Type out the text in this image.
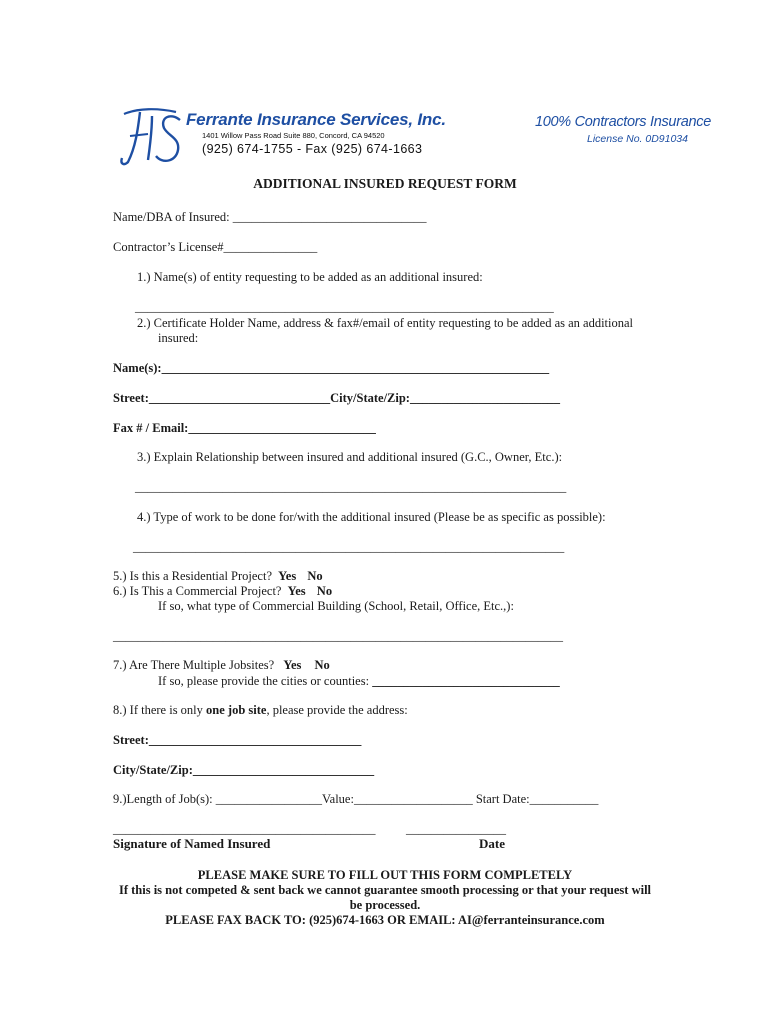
Ferrante Insurance Services, Inc.
1401 Willow Pass Road Suite 880, Concord, CA 94520
(925) 674-1755 - Fax (925) 674-1663
100% Contractors Insurance
License No. 0D91034
ADDITIONAL INSURED REQUEST FORM
Name/DBA of Insured: _______________________________
Contractor’s License#_______________
1.) Name(s) of entity requesting to be added as an additional insured:
___________________________________________________________________
2.) Certificate Holder Name, address & fax#/email of entity requesting to be added as an additional
insured:
Name(s):______________________________________________________________
Street:_____________________________City/State/Zip:________________________
Fax # / Email:______________________________
3.) Explain Relationship between insured and additional insured (G.C., Owner, Etc.):
_____________________________________________________________________
4.) Type of work to be done for/with the additional insured (Please be as specific as possible):
_____________________________________________________________________
5.) Is this a Residential Project? Yes No
6.) Is This a Commercial Project? Yes No
If so, what type of Commercial Building (School, Retail, Office, Etc.,):
________________________________________________________________________
7.) Are There Multiple Jobsites? Yes No
If so, please provide the cities or counties: ______________________________
8.) If there is only one job site, please provide the address:
Street:__________________________________
City/State/Zip:_____________________________
9.)Length of Job(s): _________________Value:___________________ Start Date:___________
__________________________________________ ________________
Signature of Named Insured	Date
PLEASE MAKE SURE TO FILL OUT THIS FORM COMPLETELY
If this is not competed & sent back we cannot guarantee smooth processing or that your request will
be processed.
PLEASE FAX BACK TO: (925)674-1663 OR EMAIL: AI@ferranteinsurance.com
